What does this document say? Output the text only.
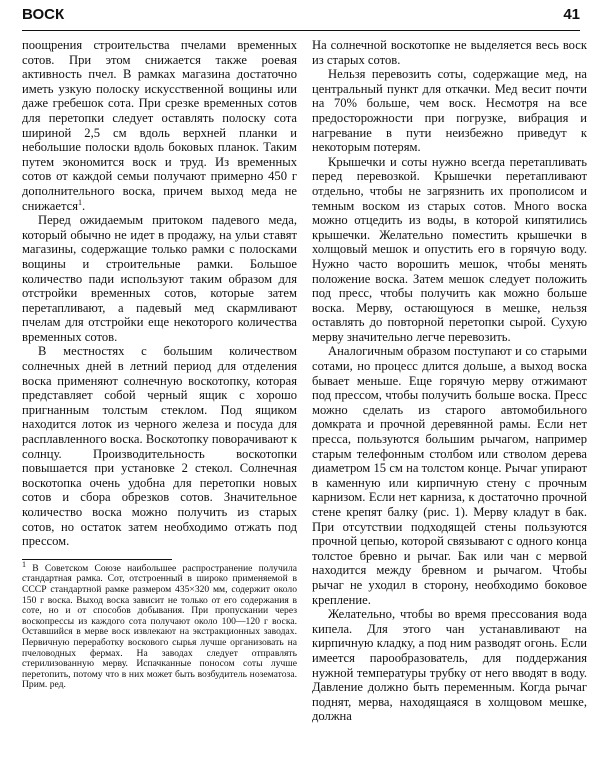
ВОСК	41

поощрения строительства пчелами временных сотов. При этом снижается также роевая активность пчел. В рамках магазина достаточно иметь узкую полоску искусственной вощины или даже гребешок сота. При срезке временных сотов для перетопки следует оставлять полоску сота шириной 2,5 см вдоль верхней планки и небольшие полоски вдоль боковых планок. Таким путем экономится воск и труд. Из временных сотов от каждой семьи получают примерно 450 г дополнительного воска, причем выход меда не снижается$^1$.

Перед ожидаемым притоком падевого меда, который обычно не идет в продажу, на ульи ставят магазины, содержащие только рамки с полосками вощины и строительные рамки. Большое количество пади используют таким образом для отстройки временных сотов, которые затем перетапливают, а падевый мед скармливают пчелам для отстройки еще некоторого количества временных сотов.

В местностях с большим количеством солнечных дней в летний период для отделения воска применяют солнечную воскотопку, которая представляет собой черный ящик с хорошо пригнанным толстым стеклом. Под ящиком находится лоток из черного железа и посуда для расплавленного воска. Воскотопку поворачивают к солнцу. Производительность воскотопки повышается при установке 2 стекол. Солнечная воскотопка очень удобна для перетопки новых сотов и сбора обрезков сотов. Значительное количество воска можно получить из старых сотов, но остаток затем необходимо отжать под прессом.

$^1$ В Советском Союзе наибольшее распространение получила стандартная рамка. Сот, отстроенный в широко применяемой в СССР стандартной рамке размером 435×320 мм, содержит около 150 г воска. Выход воска зависит не только от его содержания в соте, но и от способов добывания. При пропускании через воскопрессы из каждого сота получают около 100—120 г воска. Оставшийся в мерве воск извлекают на экстракционных заводах. Первичную переработку воскового сырья лучше организовать на пчеловодных фермах. На заводах следует отправлять стерилизованную мерву. Испачканные поносом соты лучше перетопить, потому что в них может быть возбудитель нозематоза. Прим. ред.

На солнечной воскотопке не выделяется весь воск из старых сотов.

Нельзя перевозить соты, содержащие мед, на центральный пункт для откачки. Мед весит почти на 70% больше, чем воск. Несмотря на все предосторожности при погрузке, вибрация и нагревание в пути неизбежно приведут к некоторым потерям.

Крышечки и соты нужно всегда перетапливать перед перевозкой. Крышечки перетапливают отдельно, чтобы не загрязнить их прополисом и темным воском из старых сотов. Много воска можно отцедить из воды, в которой кипятились крышечки. Желательно поместить крышечки в холщовый мешок и опустить его в горячую воду. Нужно часто ворошить мешок, чтобы менять положение воска. Затем мешок следует положить под пресс, чтобы получить как можно больше воска. Мерву, остающуюся в мешке, нельзя оставлять до повторной перетопки сырой. Сухую мерву значительно легче перевозить.

Аналогичным образом поступают и со старыми сотами, но процесс длится дольше, а выход воска бывает меньше. Еще горячую мерву отжимают под прессом, чтобы получить больше воска. Пресс можно сделать из старого автомобильного домкрата и прочной деревянной рамы. Если нет пресса, пользуются большим рычагом, например старым телефонным столбом или стволом дерева диаметром 15 см на толстом конце. Рычаг упирают в каменную или кирпичную стену с прочным карнизом. Если нет карниза, к достаточно прочной стене крепят балку (рис. 1). Мерву кладут в бак. При отсутствии подходящей стены пользуются прочной цепью, которой связывают с одного конца толстое бревно и рычаг. Бак или чан с мервой находится между бревном и рычагом. Чтобы рычаг не уходил в сторону, необходимо боковое крепление.

Желательно, чтобы во время прессования вода кипела. Для этого чан устанавливают на кирпичную кладку, а под ним разводят огонь. Если имеется парообразователь, для поддержания нужной температуры трубку от него вводят в воду. Давление должно быть переменным. Когда рычаг поднят, мерва, находящаяся в холщовом мешке, должна
